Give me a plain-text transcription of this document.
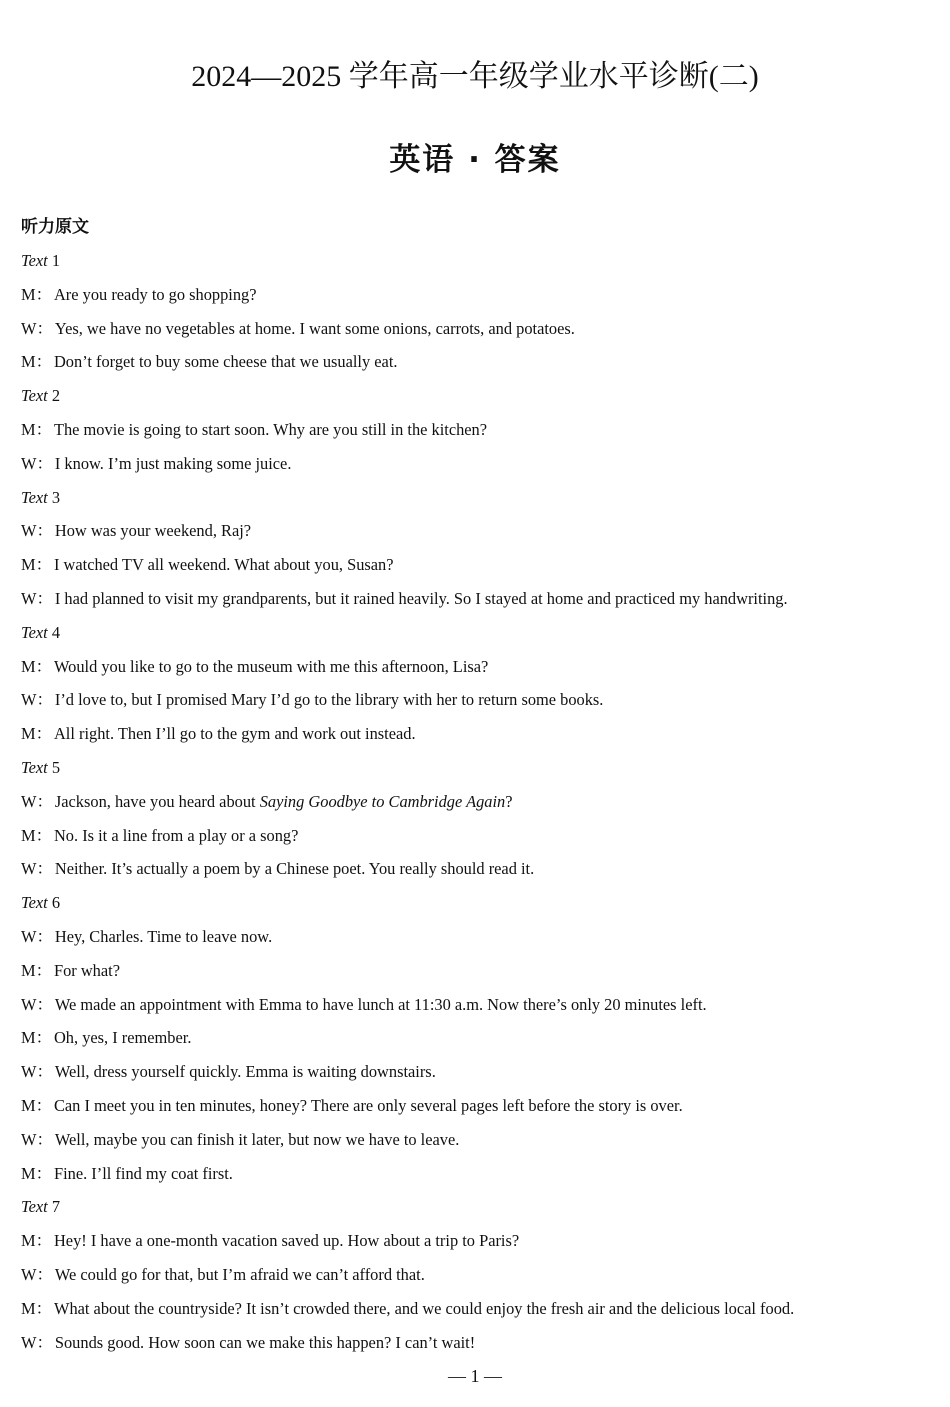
2024—2025 学年高一年级学业水平诊断(二)
英语 · 答案
听力原文
Text 1
M： Are you ready to go shopping?
W： Yes, we have no vegetables at home. I want some onions, carrots, and potatoes.
M： Don’t forget to buy some cheese that we usually eat.
Text 2
M： The movie is going to start soon. Why are you still in the kitchen?
W： I know. I’m just making some juice.
Text 3
W： How was your weekend, Raj?
M： I watched TV all weekend. What about you, Susan?
W： I had planned to visit my grandparents, but it rained heavily. So I stayed at home and practiced my handwriting.
Text 4
M： Would you like to go to the museum with me this afternoon, Lisa?
W： I’d love to, but I promised Mary I’d go to the library with her to return some books.
M： All right. Then I’ll go to the gym and work out instead.
Text 5
W： Jackson, have you heard about Saying Goodbye to Cambridge Again?
M： No. Is it a line from a play or a song?
W： Neither. It’s actually a poem by a Chinese poet. You really should read it.
Text 6
W： Hey, Charles. Time to leave now.
M： For what?
W： We made an appointment with Emma to have lunch at 11:30 a.m. Now there’s only 20 minutes left.
M： Oh, yes, I remember.
W： Well, dress yourself quickly. Emma is waiting downstairs.
M： Can I meet you in ten minutes, honey? There are only several pages left before the story is over.
W： Well, maybe you can finish it later, but now we have to leave.
M： Fine. I’ll find my coat first.
Text 7
M： Hey! I have a one-month vacation saved up. How about a trip to Paris?
W： We could go for that, but I’m afraid we can’t afford that.
M： What about the countryside? It isn’t crowded there, and we could enjoy the fresh air and the delicious local food.
W： Sounds good. How soon can we make this happen? I can’t wait!
— 1 —
